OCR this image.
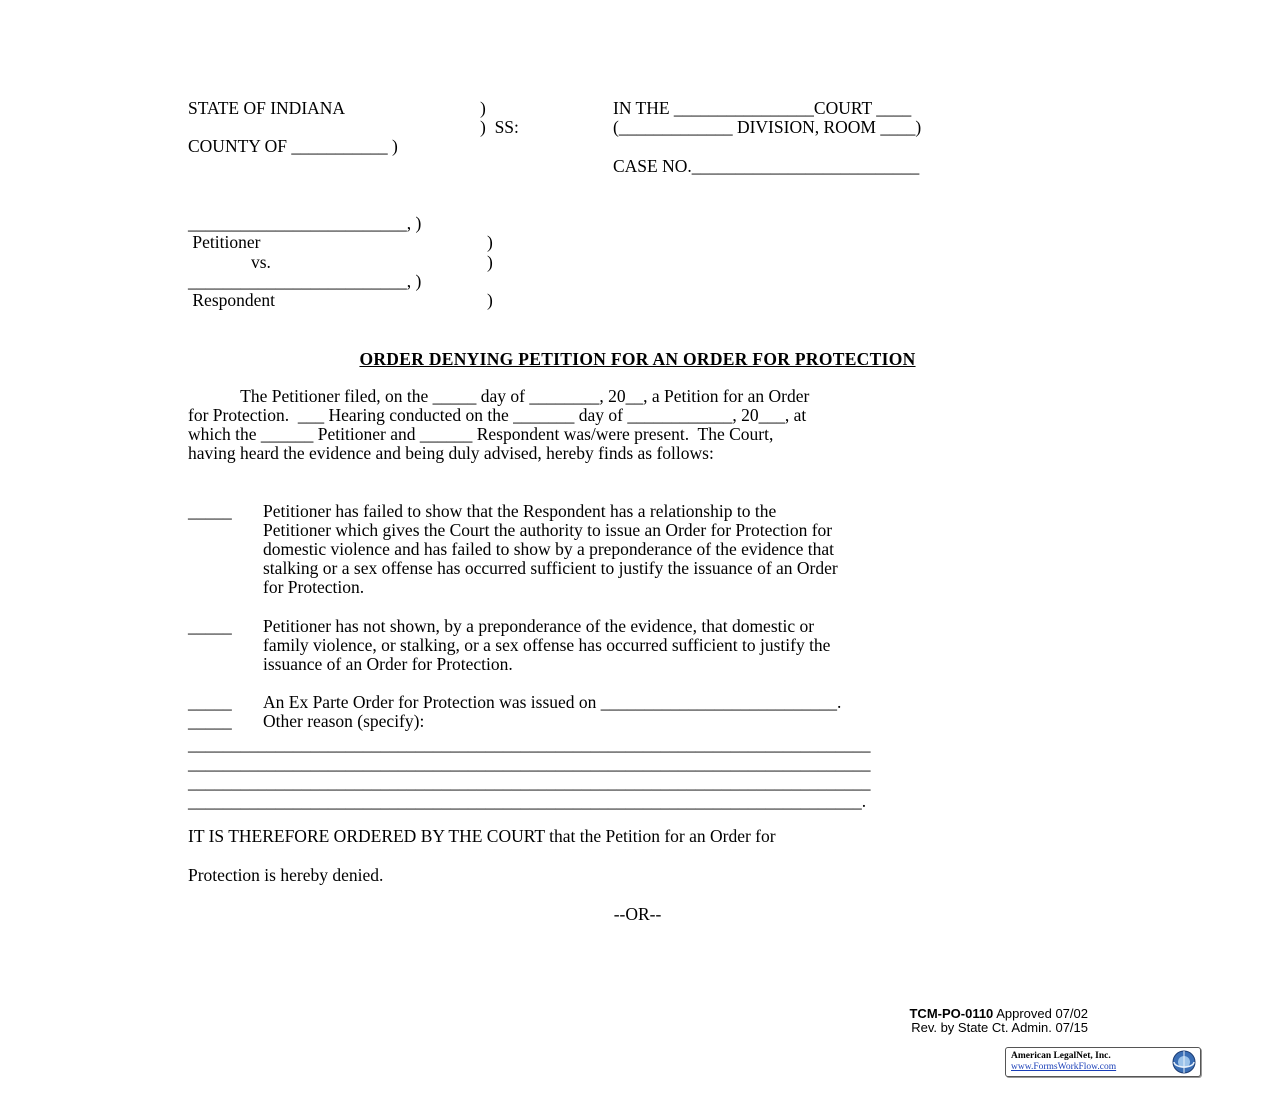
STATE OF INDIANA	)
)  SS:
COUNTY OF ___________ )
IN THE ________________COURT ____
(_____________ DIVISION, ROOM ____)
CASE NO.__________________________
_________________________, )
Petitioner	)
vs.	)
_________________________, )
Respondent	)
ORDER DENYING PETITION FOR AN ORDER FOR PROTECTION
The Petitioner filed, on the _____ day of ________, 20__, a Petition for an Order
for Protection.  ___ Hearing conducted on the _______ day of ____________, 20___, at
which the ______ Petitioner and ______ Respondent was/were present.  The Court,
having heard the evidence and being duly advised, hereby finds as follows:
_____ Petitioner has failed to show that the Respondent has a relationship to the
Petitioner which gives the Court the authority to issue an Order for Protection for
domestic violence and has failed to show by a preponderance of the evidence that
stalking or a sex offense has occurred sufficient to justify the issuance of an Order
for Protection.
_____ Petitioner has not shown, by a preponderance of the evidence, that domestic or
family violence, or stalking, or a sex offense has occurred sufficient to justify the
issuance of an Order for Protection.
_____ An Ex Parte Order for Protection was issued on ___________________________.
_____ Other reason (specify):
______________________________________________________________________________
______________________________________________________________________________
______________________________________________________________________________
_____________________________________________________________________________.
IT IS THEREFORE ORDERED BY THE COURT that the Petition for an Order for
Protection is hereby denied.
--OR--
TCM-PO-0110 Approved 07/02
Rev. by State Ct. Admin. 07/15
American LegalNet, Inc.
www.FormsWorkFlow.com
